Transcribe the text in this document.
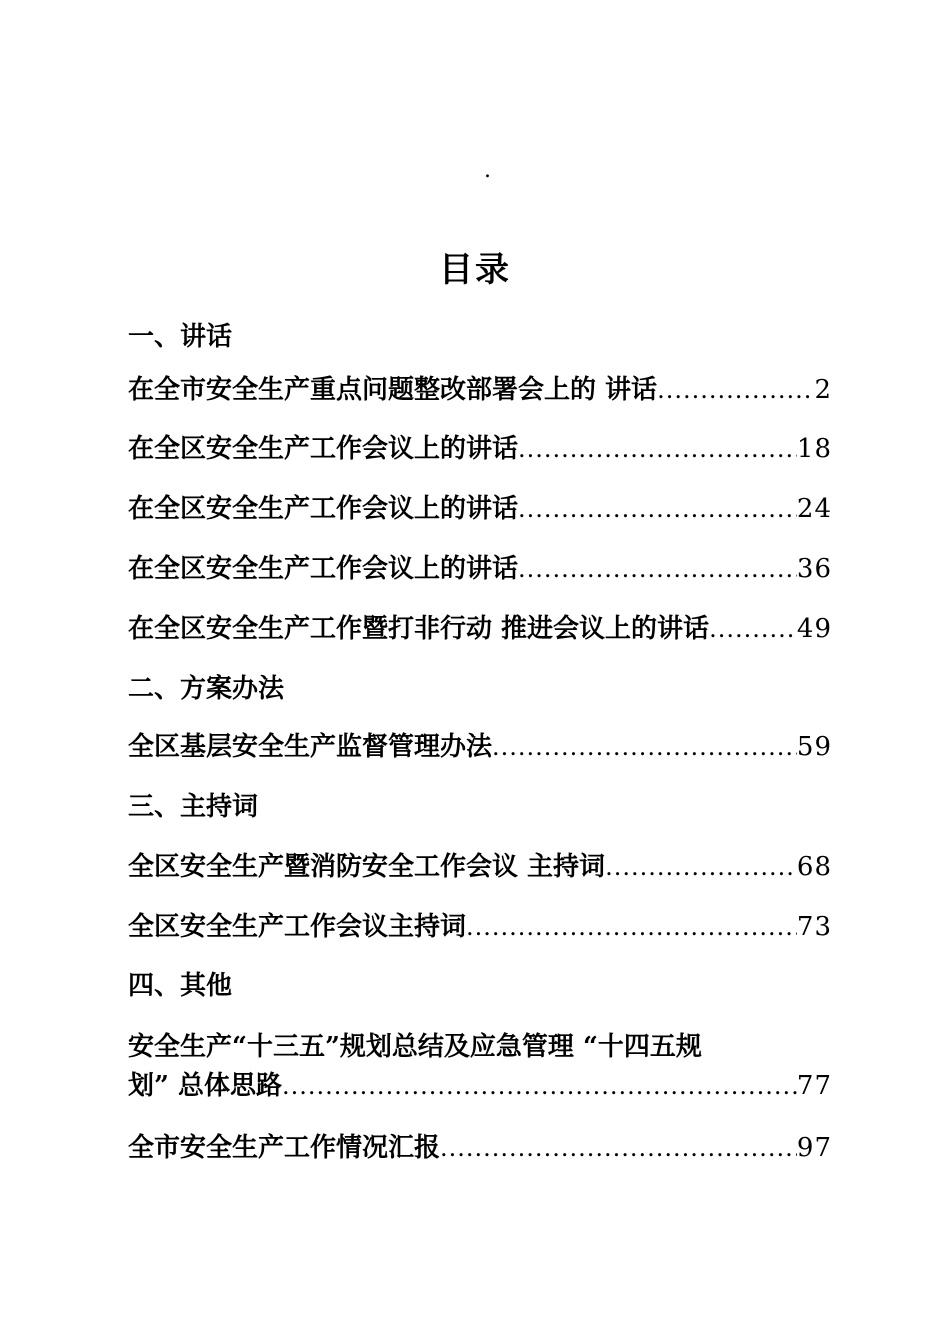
.
目录
一、讲话
在全市安全生产重点问题整改部署会上的 讲话 .....	2
在全区安全生产工作会议上的讲话 .....	18
在全区安全生产工作会议上的讲话 .....	24
在全区安全生产工作会议上的讲话 .....	36
在全区安全生产工作暨打非行动 推进会议上的讲话 .....	49
二、方案办法
全区基层安全生产监督管理办法 .....	59
三、主持词
全区安全生产暨消防安全工作会议 主持词 .....	68
全区安全生产工作会议主持词 .....	73
四、其他
安全生产“十三五”规划总结及应急管理 “十四五规
划” 总体思路 .....	77
全市安全生产工作情况汇报 .....	97
